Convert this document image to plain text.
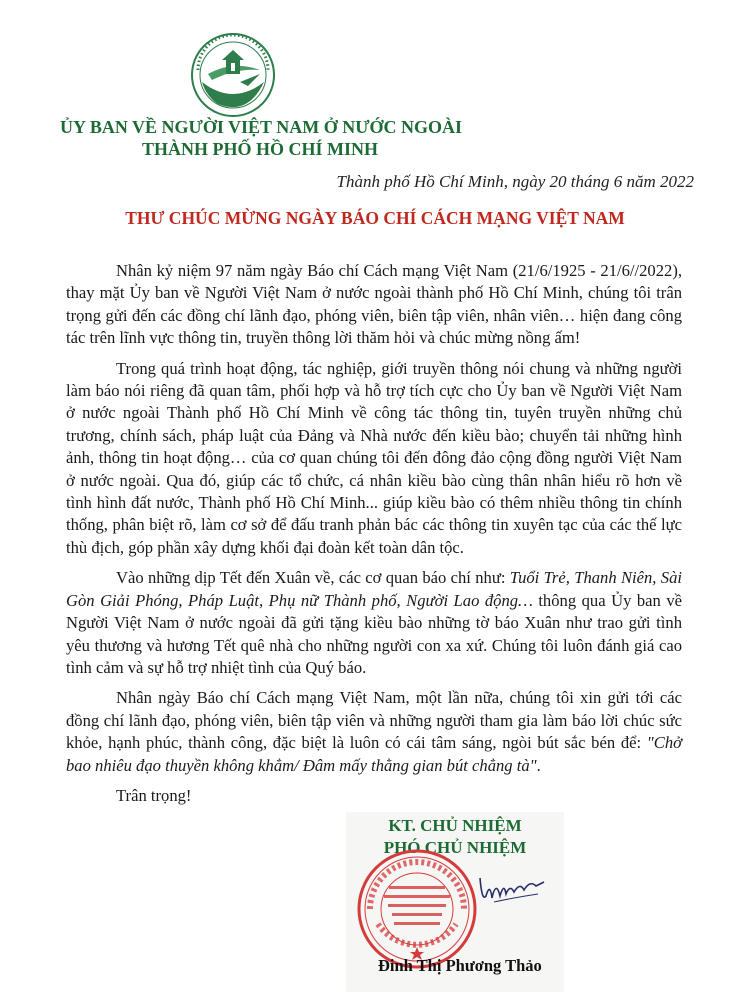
ỦY BAN VỀ NGƯỜI VIỆT NAM Ở NƯỚC NGOÀI
THÀNH PHỐ HỒ CHÍ MINH
Thành phố Hồ Chí Minh, ngày 20 tháng 6 năm 2022
THƯ CHÚC MỪNG NGÀY BÁO CHÍ CÁCH MẠNG VIỆT NAM

Nhân kỷ niệm 97 năm ngày Báo chí Cách mạng Việt Nam (21/6/1925 - 21/6//2022), thay mặt Ủy ban về Người Việt Nam ở nước ngoài thành phố Hồ Chí Minh, chúng tôi trân trọng gửi đến các đồng chí lãnh đạo, phóng viên, biên tập viên, nhân viên… hiện đang công tác trên lĩnh vực thông tin, truyền thông lời thăm hỏi và chúc mừng nồng ấm!

Trong quá trình hoạt động, tác nghiệp, giới truyền thông nói chung và những người làm báo nói riêng đã quan tâm, phối hợp và hỗ trợ tích cực cho Ủy ban về Người Việt Nam ở nước ngoài Thành phố Hồ Chí Minh về công tác thông tin, tuyên truyền những chủ trương, chính sách, pháp luật của Đảng và Nhà nước đến kiều bào; chuyển tải những hình ảnh, thông tin hoạt động… của cơ quan chúng tôi đến đông đảo cộng đồng người Việt Nam ở nước ngoài. Qua đó, giúp các tổ chức, cá nhân kiều bào cùng thân nhân hiểu rõ hơn về tình hình đất nước, Thành phố Hồ Chí Minh... giúp kiều bào có thêm nhiều thông tin chính thống, phân biệt rõ, làm cơ sở để đấu tranh phản bác các thông tin xuyên tạc của các thế lực thù địch, góp phần xây dựng khối đại đoàn kết toàn dân tộc.

Vào những dịp Tết đến Xuân về, các cơ quan báo chí như: Tuổi Trẻ, Thanh Niên, Sài Gòn Giải Phóng, Pháp Luật, Phụ nữ Thành phố, Người Lao động… thông qua Ủy ban về Người Việt Nam ở nước ngoài đã gửi tặng kiều bào những tờ báo Xuân như trao gửi tình yêu thương và hương Tết quê nhà cho những người con xa xứ. Chúng tôi luôn đánh giá cao tình cảm và sự hỗ trợ nhiệt tình của Quý báo.

Nhân ngày Báo chí Cách mạng Việt Nam, một lần nữa, chúng tôi xin gửi tới các đồng chí lãnh đạo, phóng viên, biên tập viên và những người tham gia làm báo lời chúc sức khỏe, hạnh phúc, thành công, đặc biệt là luôn có cái tâm sáng, ngòi bút sắc bén để: "Chở bao nhiêu đạo thuyền không khẳm/ Đâm mấy thằng gian bút chẳng tà".

Trân trọng!
KT. CHỦ NHIỆM
PHÓ CHỦ NHIỆM
Đinh Thị Phương Thảo
